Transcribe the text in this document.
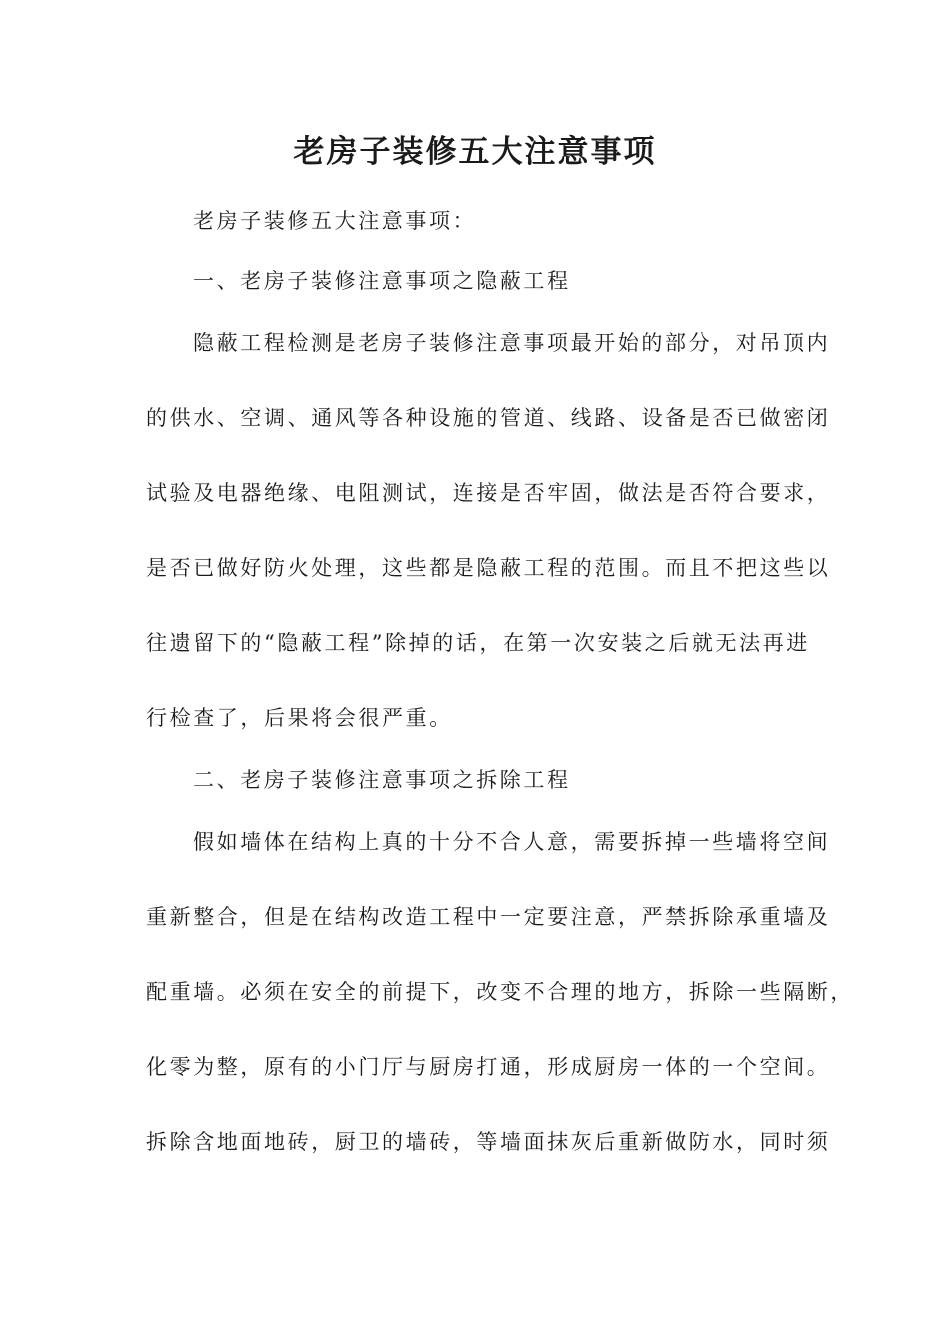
老房子装修五大注意事项
老房子装修五大注意事项：
一、老房子装修注意事项之隐蔽工程
隐蔽工程检测是老房子装修注意事项最开始的部分，对吊顶内
的供水、空调、通风等各种设施的管道、线路、设备是否已做密闭
试验及电器绝缘、电阻测试，连接是否牢固，做法是否符合要求，
是否已做好防火处理，这些都是隐蔽工程的范围。而且不把这些以
往遗留下的“隐蔽工程”除掉的话，在第一次安装之后就无法再进
行检查了，后果将会很严重。
二、老房子装修注意事项之拆除工程
假如墙体在结构上真的十分不合人意，需要拆掉一些墙将空间
重新整合，但是在结构改造工程中一定要注意，严禁拆除承重墙及
配重墙。必须在安全的前提下，改变不合理的地方，拆除一些隔断，
化零为整，原有的小门厅与厨房打通，形成厨房一体的一个空间。
拆除含地面地砖，厨卫的墙砖，等墙面抹灰后重新做防水，同时须
